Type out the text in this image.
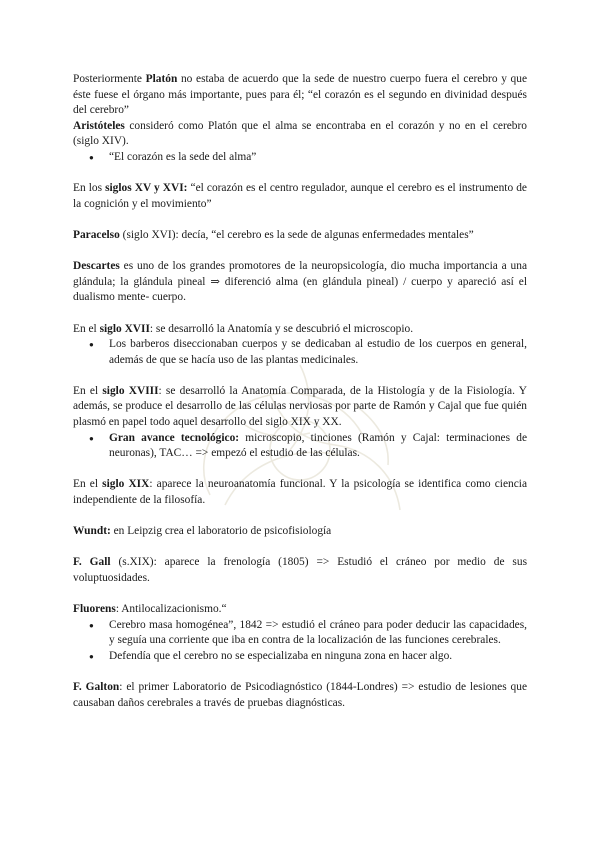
Posteriormente Platón no estaba de acuerdo que la sede de nuestro cuerpo fuera el cerebro y que éste fuese el órgano más importante, pues para él; “el corazón es el segundo en divinidad después del cerebro”

Aristóteles consideró como Platón que el alma se encontraba en el corazón y no en el cerebro (siglo XIV).

● “El corazón es la sede del alma”

En los siglos XV y XVI: “el corazón es el centro regulador, aunque el cerebro es el instrumento de la cognición y el movimiento”

Paracelso (siglo XVI): decía, “el cerebro es la sede de algunas enfermedades mentales”

Descartes es uno de los grandes promotores de la neuropsicología, dio mucha importancia a una glándula; la glándula pineal ⇒ diferenció alma (en glándula pineal) / cuerpo y apareció así el dualismo mente- cuerpo.

En el siglo XVII: se desarrolló la Anatomía y se descubrió el microscopio.

● Los barberos diseccionaban cuerpos y se dedicaban al estudio de los cuerpos en general, además de que se hacía uso de las plantas medicinales.

En el siglo XVIII: se desarrolló la Anatomía Comparada, de la Histología y de la Fisiología. Y además, se produce el desarrollo de las células nerviosas por parte de Ramón y Cajal que fue quién plasmó en papel todo aquel desarrollo del siglo XIX y XX.

● Gran avance tecnológico: microscopio, tinciones (Ramón y Cajal: terminaciones de neuronas), TAC… => empezó el estudio de las células.

En el siglo XIX: aparece la neuroanatomía funcional. Y la psicología se identifica como ciencia independiente de la filosofía.

Wundt: en Leipzig crea el laboratorio de psicofisiología

F. Gall (s.XIX): aparece la frenología (1805) => Estudió el cráneo por medio de sus voluptuosidades.

Fluorens: Antilocalizacionismo.“

● Cerebro masa homogénea”, 1842 => estudió el cráneo para poder deducir las capacidades, y seguía una corriente que iba en contra de la localización de las funciones cerebrales.
● Defendía que el cerebro no se especializaba en ninguna zona en hacer algo.

F. Galton: el primer Laboratorio de Psicodiagnóstico (1844-Londres) => estudio de lesiones que causaban daños cerebrales a través de pruebas diagnósticas.
